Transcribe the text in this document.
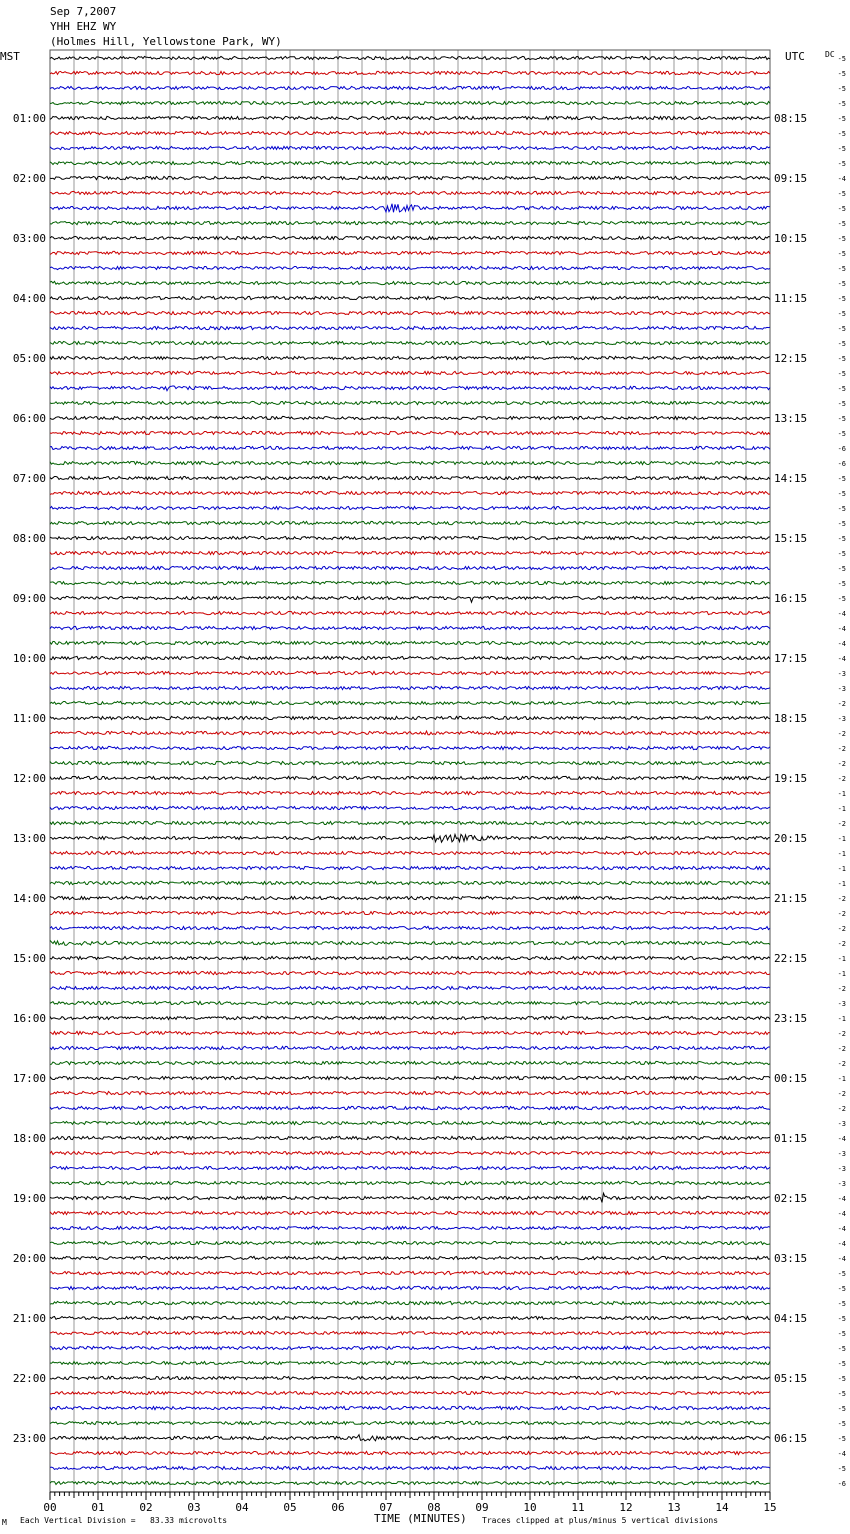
Sep 7,2007
YHH EHZ WY
(Holmes Hill, Yellowstone Park, WY)
MST	UTC	DC
00	01	02	03	04	05	06	07	08	09	10	11	12	13	14	15
01:00	08:15
02:00	09:15
03:00	10:15
04:00	11:15
05:00	12:15
06:00	13:15
07:00	14:15
08:00	15:15
09:00	16:15
10:00	17:15
11:00	18:15
12:00	19:15
13:00	20:15
14:00	21:15
15:00	22:15
16:00	23:15
17:00	00:15
18:00	01:15
19:00	02:15
20:00	03:15
21:00	04:15
22:00	05:15
23:00	06:15
-5
-5
-5
-5
-5
-5
-5
-5
-4
-5
-5
-5
-5
-5
-5
-5
-5
-5
-5
-5
-5
-5
-5
-5
-5
-5
-6
-6
-5
-5
-5
-5
-5
-5
-5
-5
-5
-4
-4
-4
-4
-3
-3
-2
-3
-2
-2
-2
-2
-1
-1
-2
-1
-1
-1
-1
-2
-2
-2
-2
-1
-1
-2
-3
-1
-2
-2
-2
-1
-2
-2
-3
-4
-3
-3
-3
-4
-4
-4
-4
-4
-5
-5
-5
-5
-5
-5
-5
-5
-5
-5
-5
-5
-4
-5
-6
M Each Vertical Division =   83.33 microvolts	TIME (MINUTES) Traces clipped at plus/minus 5 vertical divisions
